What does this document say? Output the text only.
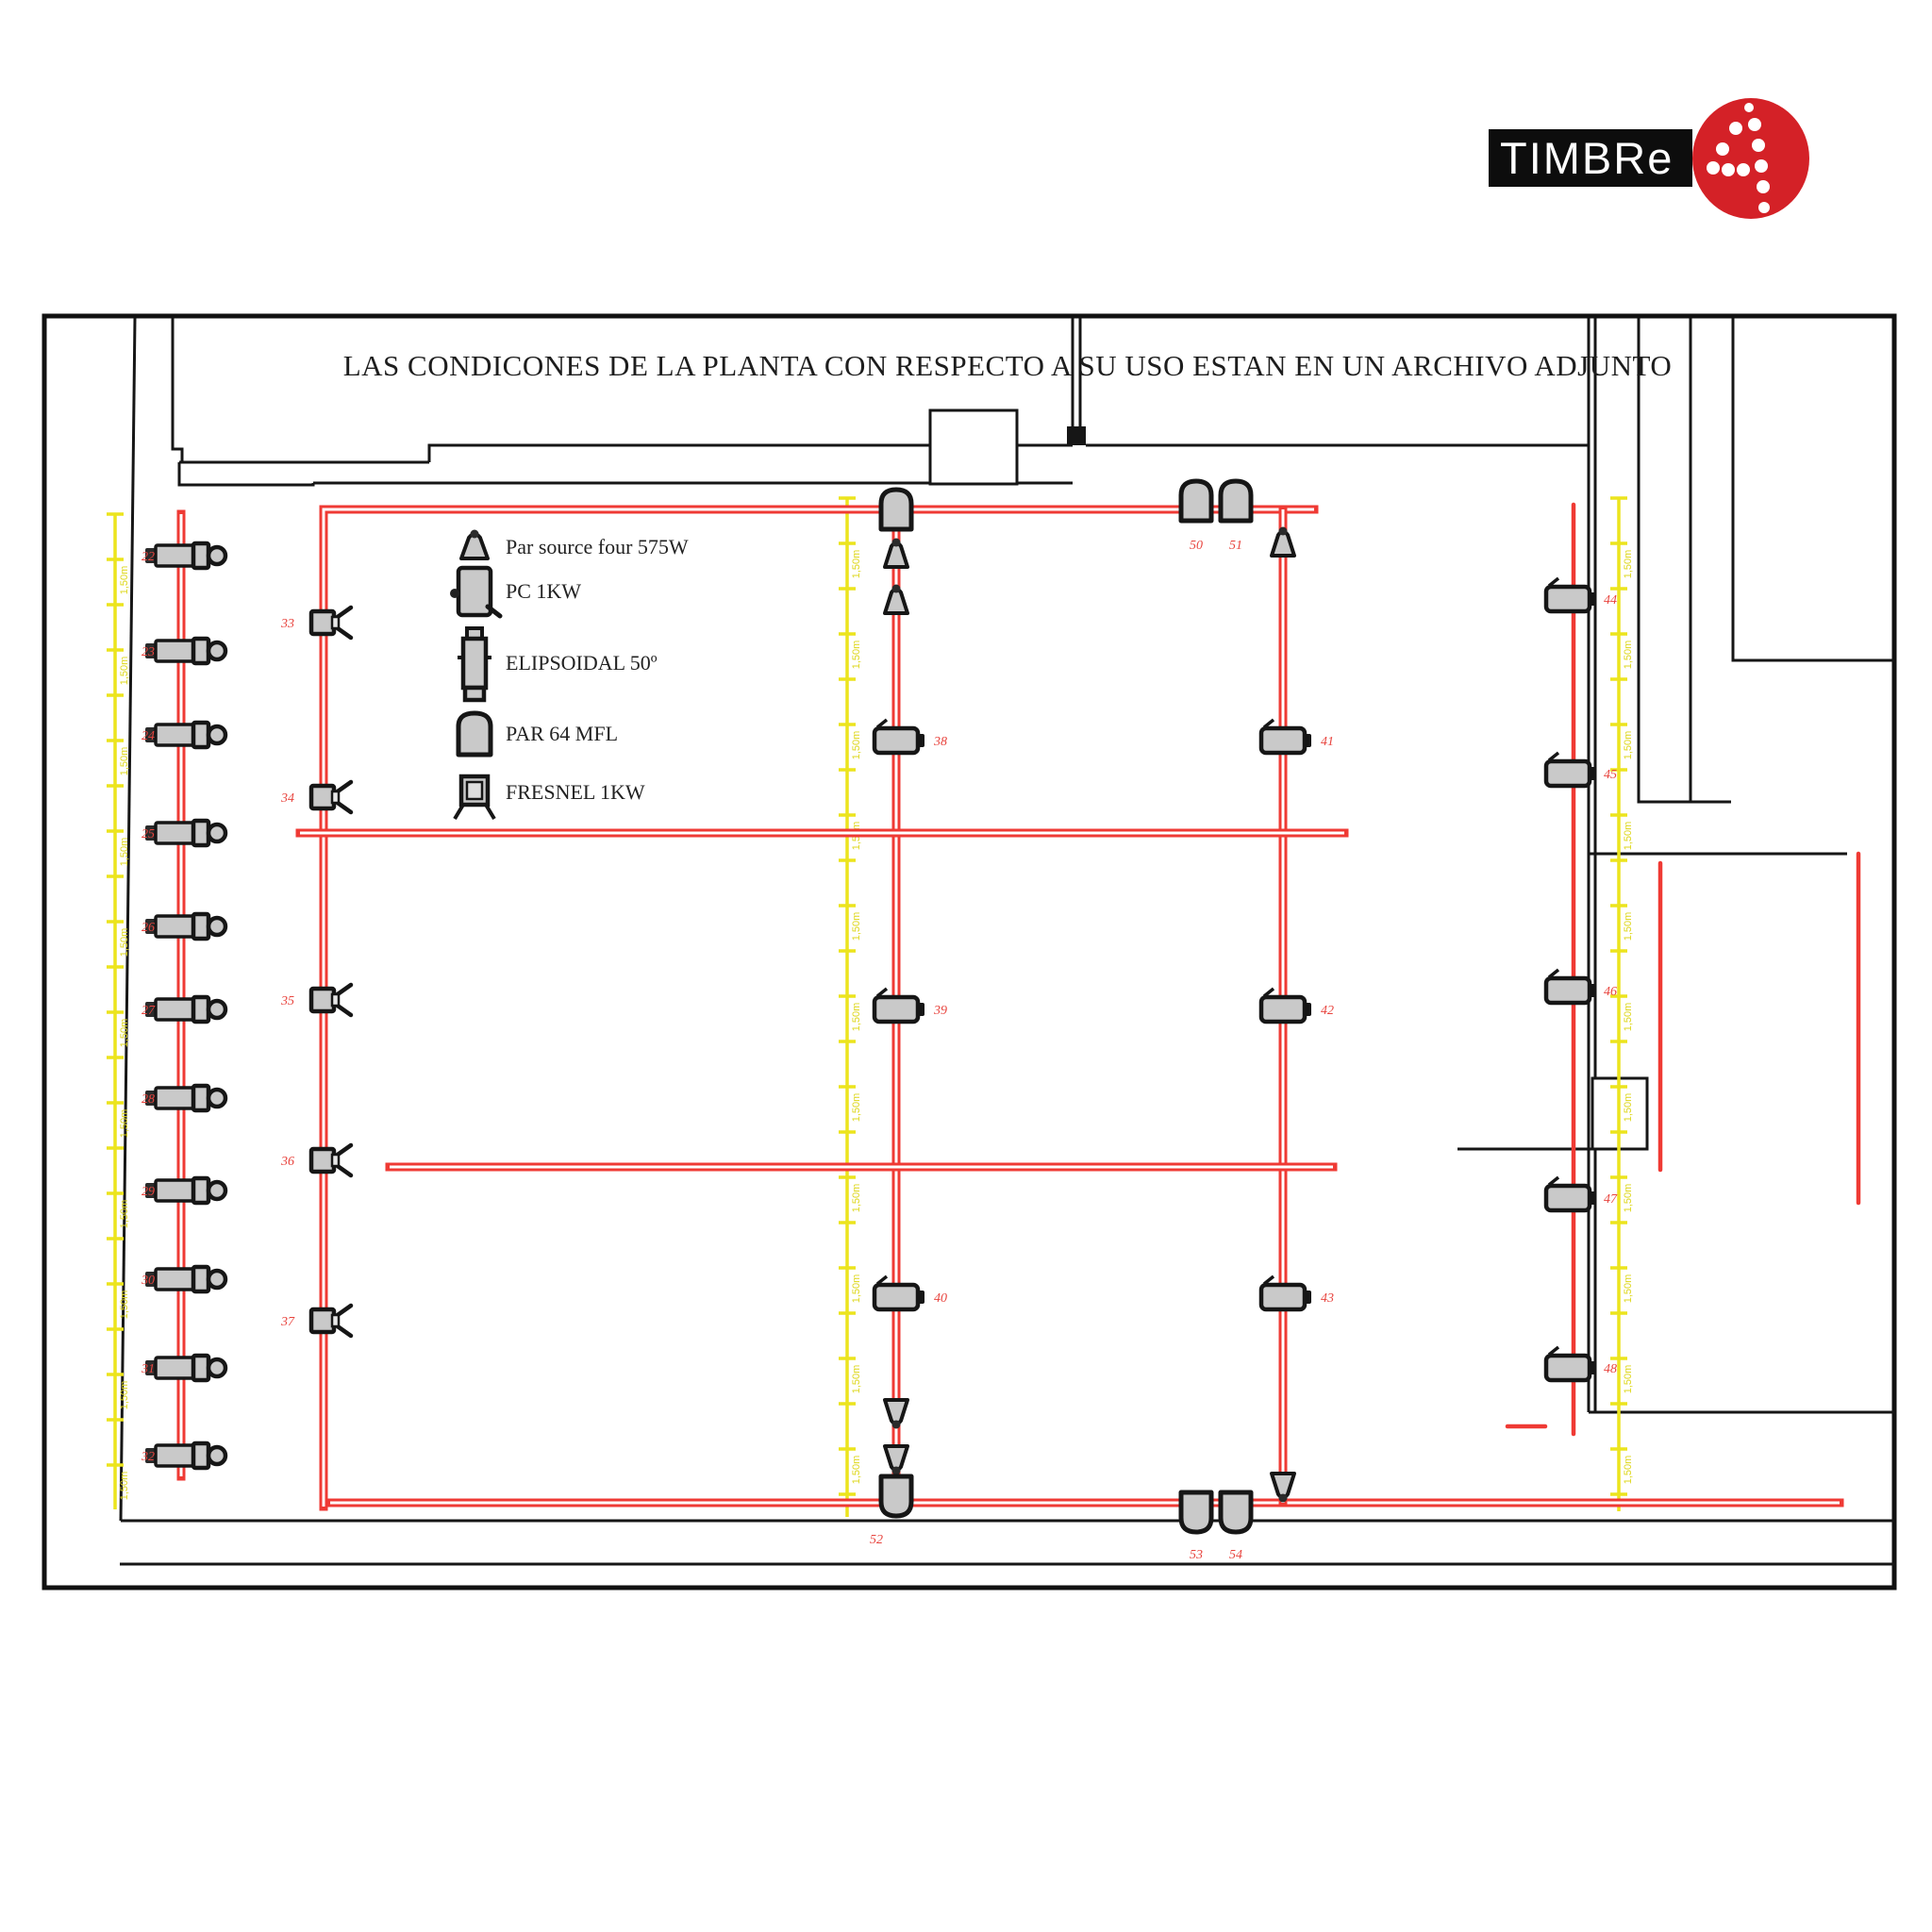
LAS CONDICONES DE LA PLANTA CON RESPECTO A SU USO ESTAN EN UN ARCHIVO ADJUNTO
1,50m
1,50m
1,50m
1,50m
1,50m
1,50m
1,50m
1,50m
1,50m
1,50m
1,50m
1,50m
1,50m
1,50m
1,50m
1,50m
1,50m
1,50m
1,50m
1,50m
1,50m
1,50m
1,50m
1,50m
1,50m
1,50m
1,50m
1,50m
1,50m
1,50m
1,50m
1,50m
1,50m
22
23
24
25
26
27
28
29
30
31
32
33
34
35
36
37
38
39
40
52
50 51
41
42
43
53 54
44
45
46
47
48
Par source four 575W
PC 1KW
ELIPSOIDAL 50º
PAR 64 MFL
FRESNEL 1KW
TIMBRe
